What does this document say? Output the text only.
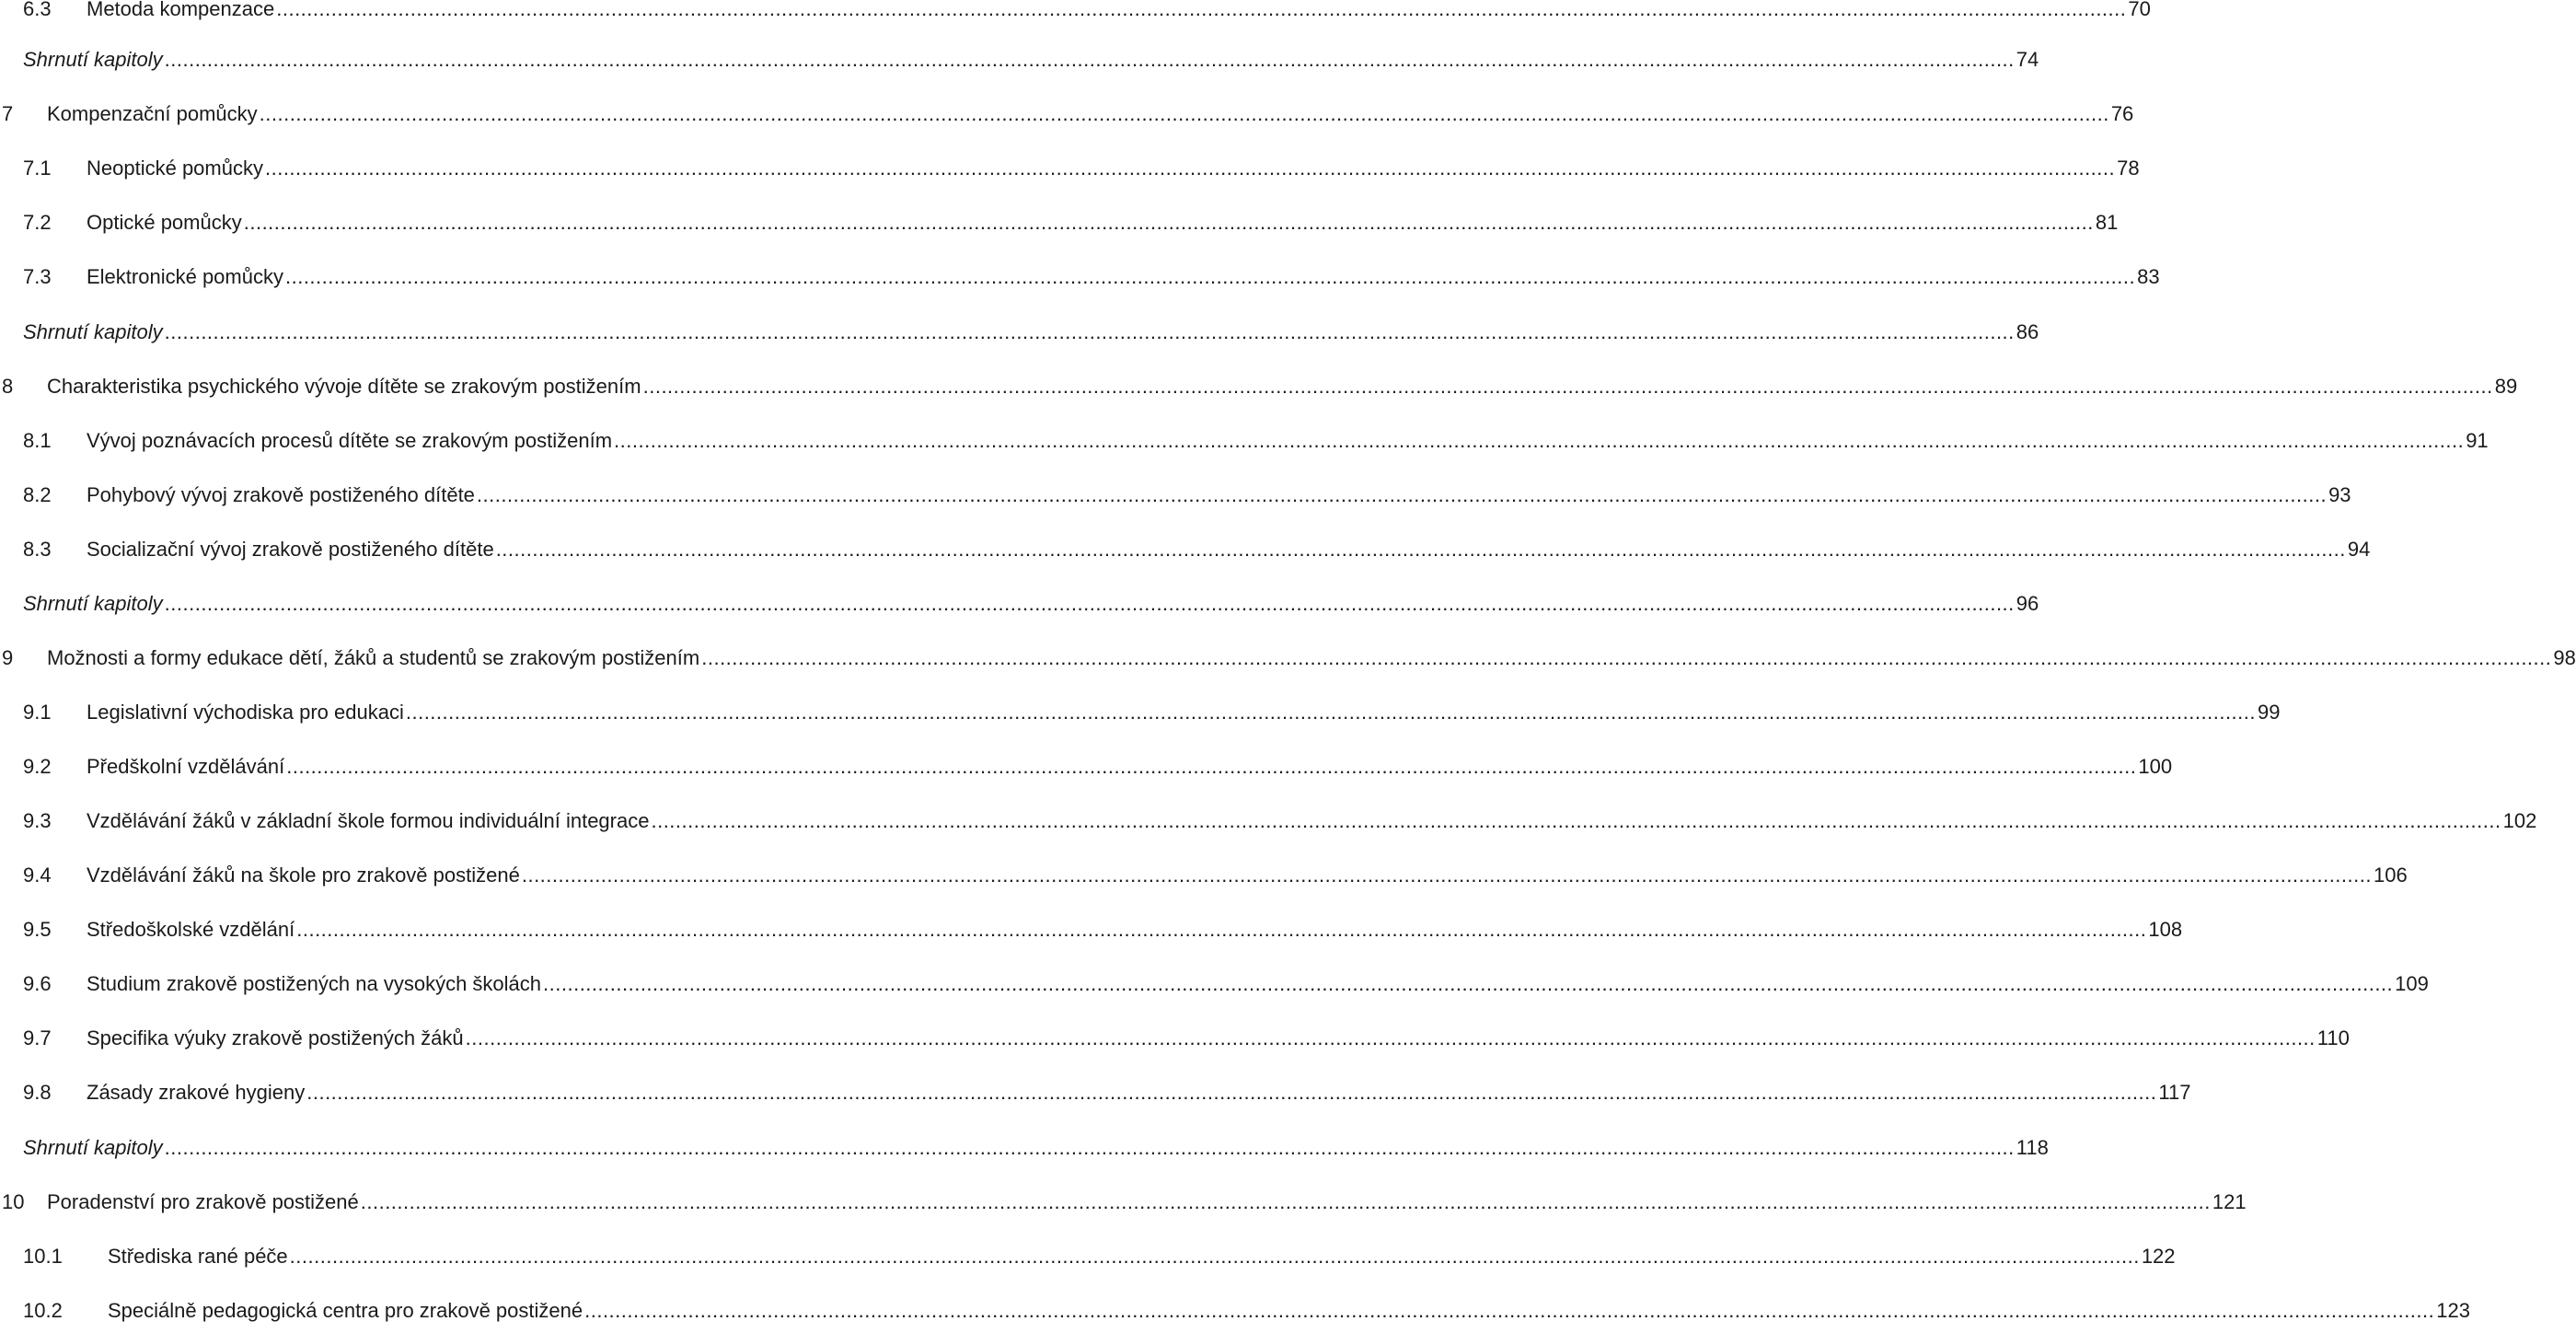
6.3 Metoda kompenzace .....	70
Shrnutí kapitoly .....	74
7 Kompenzační pomůcky .....	76
7.1 Neoptické pomůcky .....	78
7.2 Optické pomůcky .....	81
7.3 Elektronické pomůcky .....	83
Shrnutí kapitoly .....	86
8 Charakteristika psychického vývoje dítěte se zrakovým postižením .....	89
8.1 Vývoj poznávacích procesů dítěte se zrakovým postižením .....	91
8.2 Pohybový vývoj zrakově postiženého dítěte .....	93
8.3 Socializační vývoj zrakově postiženého dítěte .....	94
Shrnutí kapitoly .....	96
9 Možnosti a formy edukace dětí, žáků a studentů se zrakovým postižením .....	98
9.1 Legislativní východiska pro edukaci .....	99
9.2 Předškolní vzdělávání .....	100
9.3 Vzdělávání žáků v základní škole formou individuální integrace .....	102
9.4 Vzdělávání žáků na škole pro zrakově postižené .....	106
9.5 Středoškolské vzdělání .....	108
9.6 Studium zrakově postižených na vysokých školách .....	109
9.7 Specifika výuky zrakově postižených žáků .....	110
9.8 Zásady zrakové hygieny .....	117
Shrnutí kapitoly .....	118
10 Poradenství pro zrakově postižené .....	121
10.1 Střediska rané péče .....	122
10.2 Speciálně pedagogická centra pro zrakově postižené .....	123
